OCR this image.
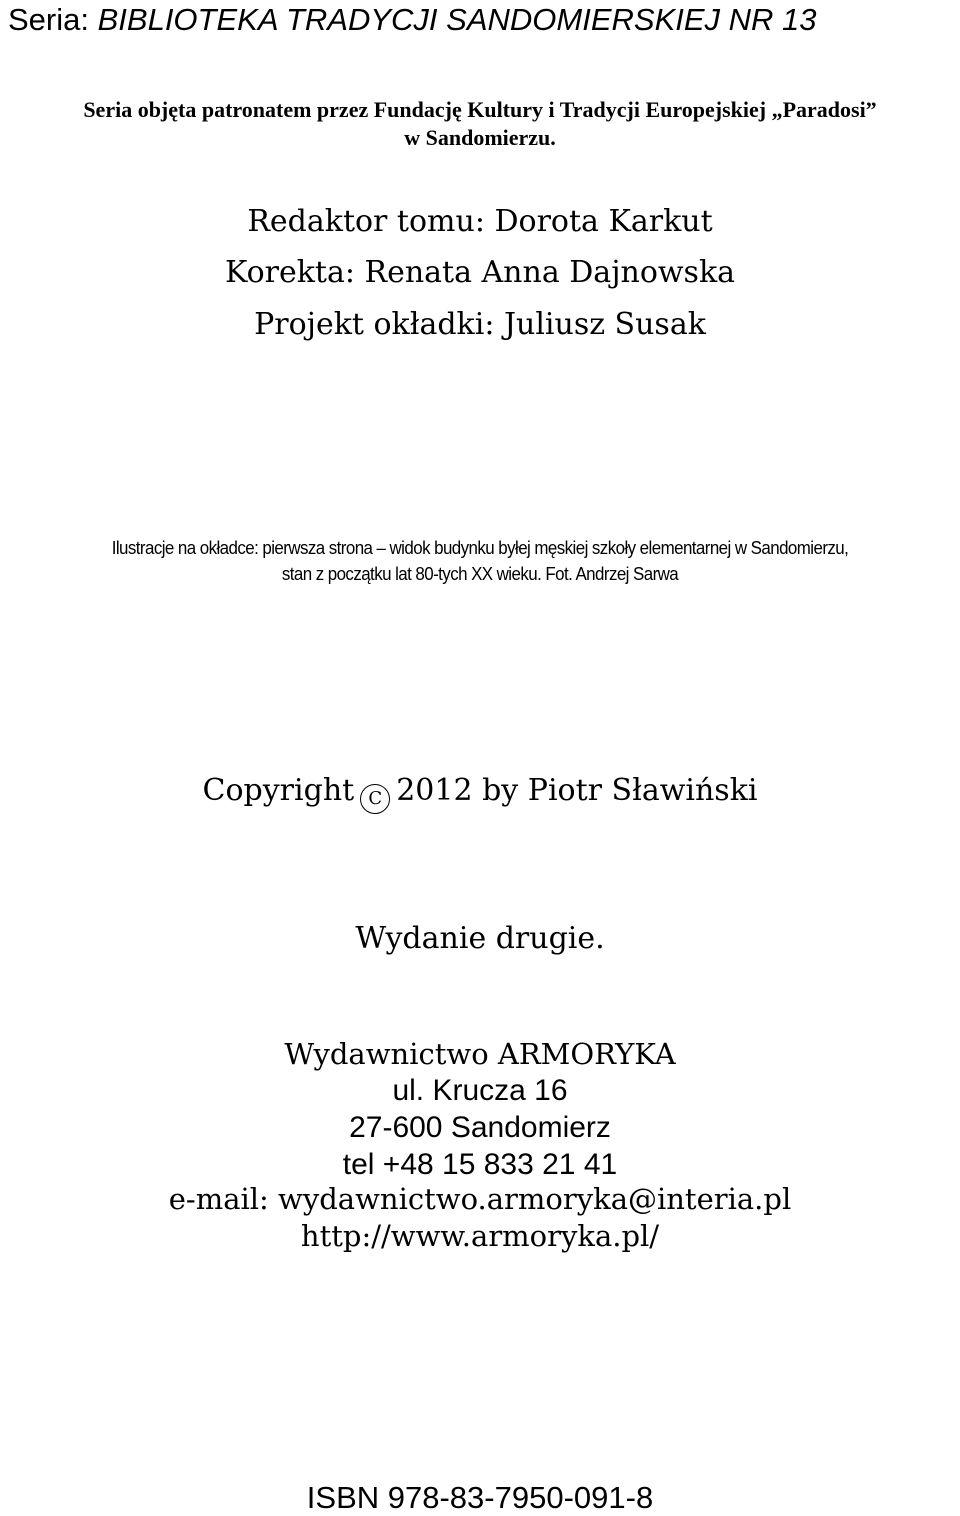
Seria: BIBLIOTEKA TRADYCJI SANDOMIERSKIEJ NR 13
Seria objęta patronatem przez Fundację Kultury i Tradycji Europejskiej „Paradosi”
w Sandomierzu.
Redaktor tomu: Dorota Karkut
Korekta: Renata Anna Dajnowska
Projekt okładki: Juliusz Susak
Ilustracje na okładce: pierwsza strona – widok budynku byłej męskiej szkoły elementarnej w Sandomierzu,
stan z początku lat 80-tych XX wieku. Fot. Andrzej Sarwa
Copyright C 2012 by Piotr Sławiński
Wydanie drugie.
Wydawnictwo ARMORYKA
ul. Krucza 16
27-600 Sandomierz
tel +48 15 833 21 41
e-mail: wydawnictwo.armoryka@interia.pl
http://www.armoryka.pl/
ISBN 978-83-7950-091-8
